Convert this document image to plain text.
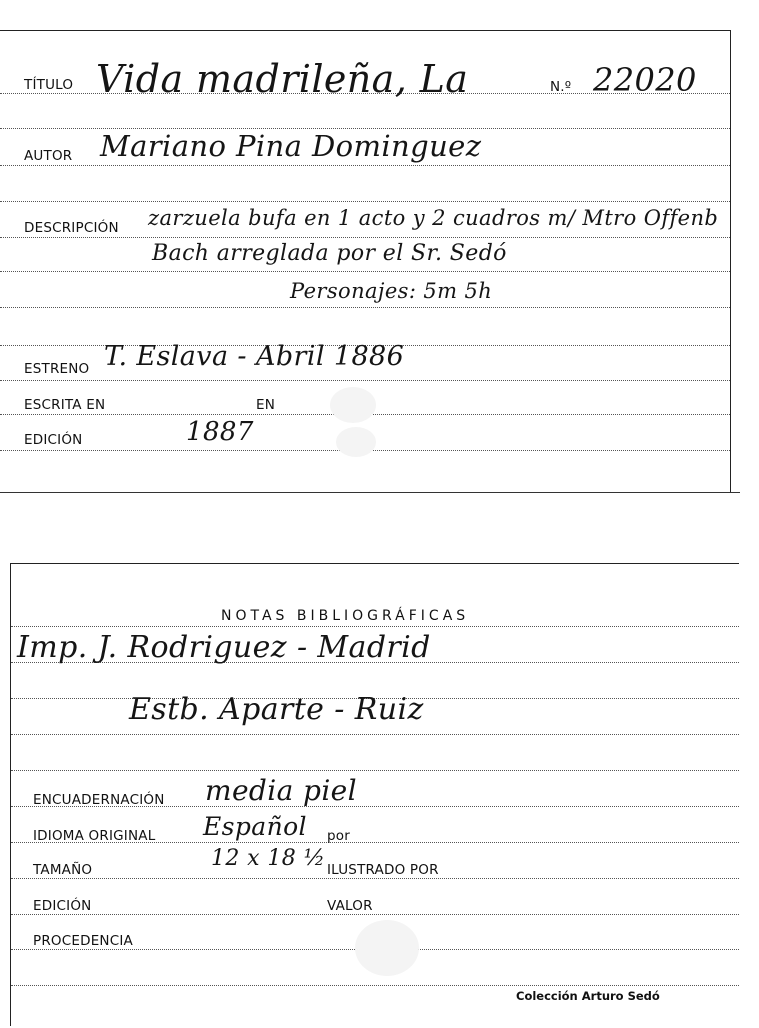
TÍTULO Vida madrileña, La	N.º 22020
AUTOR Mariano Pina Dominguez
DESCRIPCIÓN zarzuela bufa en 1 acto y 2 cuadros m/ Mtro Offenb
Bach arreglada por el Sr. Sedó
Personajes: 5m 5h
ESTRENO T. Eslava - Abril 1886
ESCRITA EN	EN
EDICIÓN	1887
NOTAS BIBLIOGRÁFICAS
Imp. J. Rodriguez - Madrid
Estb. Aparte - Ruiz
ENCUADERNACIÓN media piel
IDIOMA ORIGINAL Español por
TAMAÑO	12 x 18 ½ ILUSTRADO POR
EDICIÓN	VALOR
PROCEDENCIA
Colección Arturo Sedó
